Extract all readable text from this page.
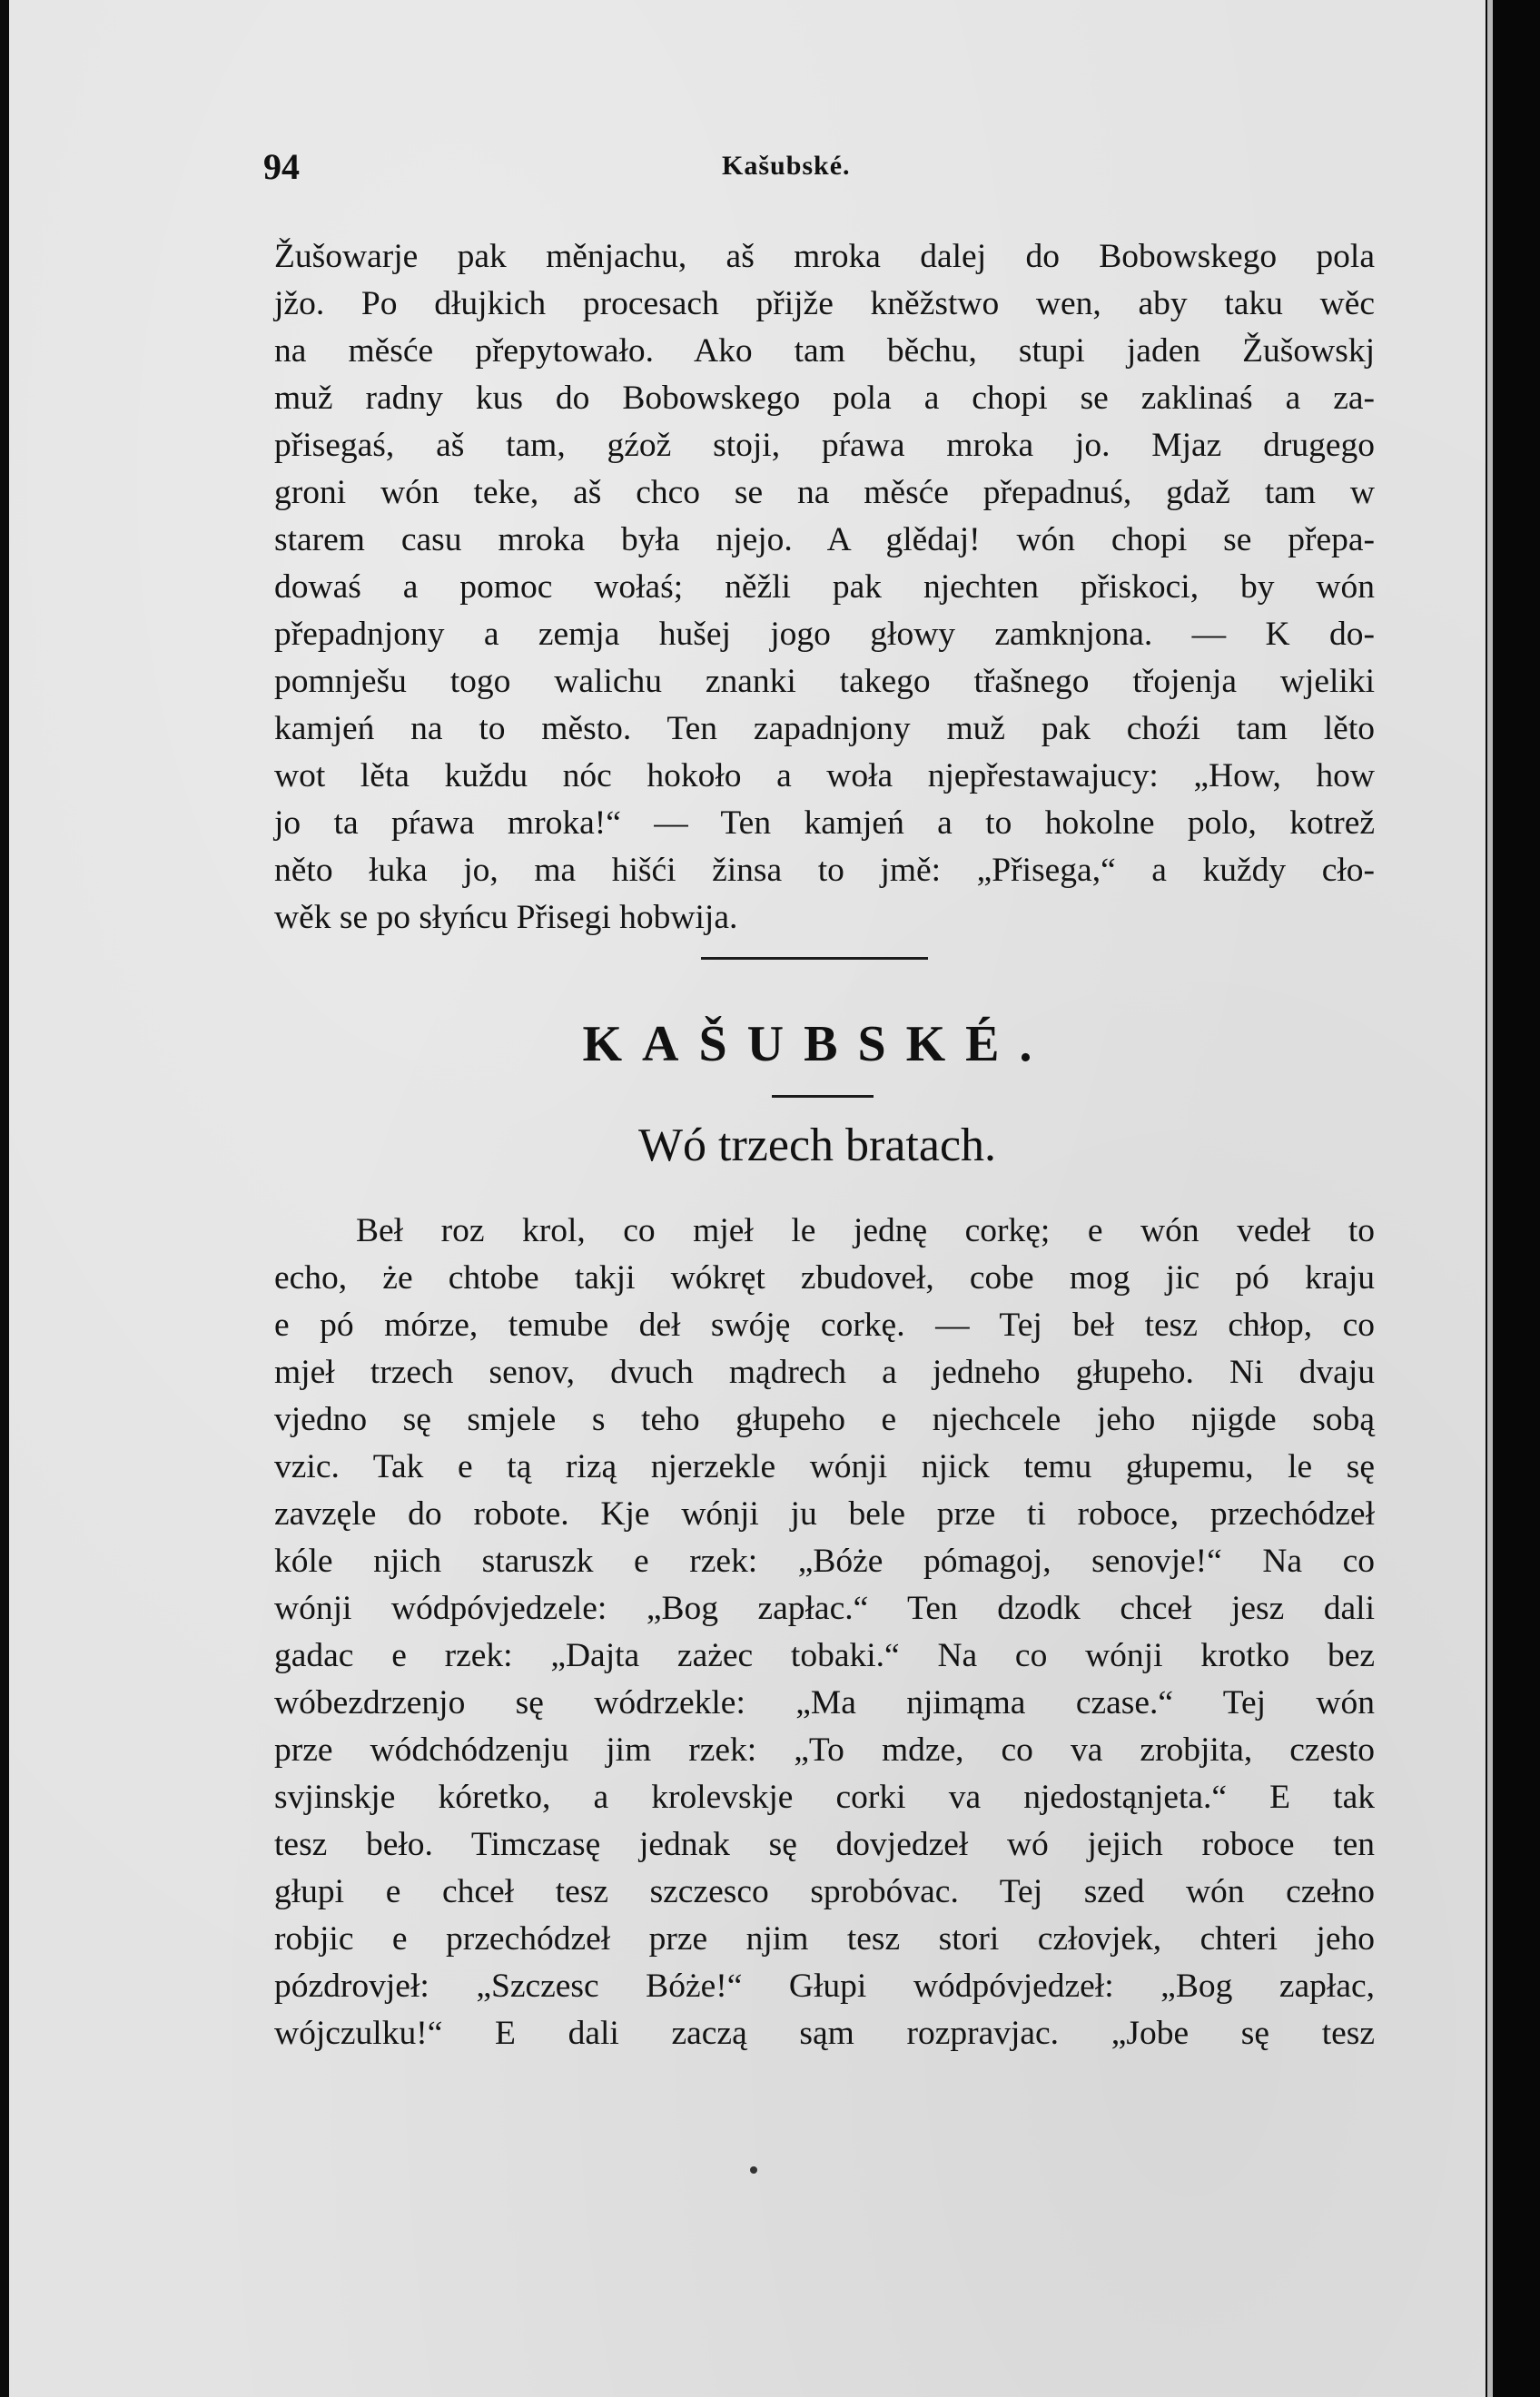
94	Kašubské.
Žušowarje pak měnjachu, aš mroka dalej do Bobowskego pola
jžo. Po dłujkich procesach přijže kněžstwo wen, aby taku wěc
na měsće přepytowało. Ako tam běchu, stupi jaden Žušowskj
muž radny kus do Bobowskego pola a chopi se zaklinaś a za-
přisegaś, aš tam, gźož stoji, pŕawa mroka jo. Mjaz drugego
groni wón teke, aš chco se na měsće přepadnuś, gdaž tam w
starem casu mroka była njejo. A glědaj! wón chopi se přepa-
dowaś a pomoc wołaś; něžli pak njechten přiskoci, by wón
přepadnjony a zemja hušej jogo głowy zamknjona. — K do-
pomnješu togo walichu znanki takego třašnego třojenja wjeliki
kamjeń na to město. Ten zapadnjony muž pak choźi tam lěto
wot lěta kuždu nóc hokoło a woła njepřestawajucy: „How, how
jo ta pŕawa mroka!“ — Ten kamjeń a to hokolne polo, kotrež
něto łuka jo, ma hišći žinsa to jmě: „Přisega,“ a kuždy cło-
wěk se po słyńcu Přisegi hobwija.
KAŠUBSKÉ.
Wó trzech bratach.
Beł roz krol, co mjeł le jednę corkę; e wón vedeł to
echo, że chtobe takji wókręt zbudoveł, cobe mog jic pó kraju
e pó mórze, temube deł swóję corkę. — Tej beł tesz chłop, co
mjeł trzech senov, dvuch mądrech a jedneho głupeho. Ni dvaju
vjedno sę smjele s teho głupeho e njechcele jeho njigde sobą
vzic. Tak e tą rizą njerzekle wónji njick temu głupemu, le sę
zavzęle do robote. Kje wónji ju bele prze ti roboce, przechódzeł
kóle njich staruszk e rzek: „Bóże pómagoj, senovje!“ Na co
wónji wódpóvjedzele: „Bog zapłac.“ Ten dzodk chceł jesz dali
gadac e rzek: „Dajta zażec tobaki.“ Na co wónji krotko bez
wóbezdrzenjo sę wódrzekle: „Ma njimąma czase.“ Tej wón
prze wódchódzenju jim rzek: „To mdze, co va zrobjita, czesto
svjinskje kóretko, a krolevskje corki va njedostąnjeta.“ E tak
tesz beło. Timczasę jednak sę dovjedzeł wó jejich roboce ten
głupi e chceł tesz szczesco sprobóvac. Tej szed wón czełno
robjic e przechódzeł prze njim tesz stori człovjek, chteri jeho
pózdrovjeł: „Szczesc Bóże!“ Głupi wódpóvjedzeł: „Bog zapłac,
wójczulku!“ E dali zaczą sąm rozpravjac. „Jobe sę tesz
